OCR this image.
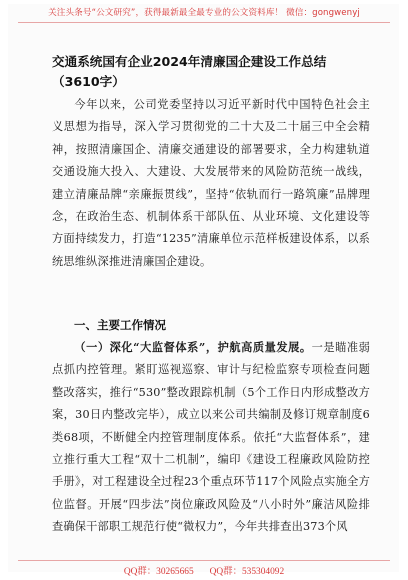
关注头条号“公文研究”，获得最新最全最专业的公文资料库！ 微信：gongwenyj
交通系统国有企业2024年清廉国企建设工作总结（3610字）

今年以来，公司党委坚持以习近平新时代中国特色社会主义思想为指导，深入学习贯彻党的二十大及二十届三中全会精神，按照清廉国企、清廉交通建设的部署要求，全力构建轨道交通设施大投入、大建设、大发展带来的风险防范统一战线，建立清廉品牌“亲廉振贯线”，坚持“依轨而行一路筑廉”品牌理念，在政治生态、机制体系干部队伍、从业环境、文化建设等方面持续发力，打造“1235”清廉单位示范样板建设体系，以系统思维纵深推进清廉国企建设。

一、主要工作情况

（一）深化“大监督体系”，护航高质量发展。一是瞄准弱点抓内控管理。紧盯巡视巡察、审计与纪检监察专项检查问题整改落实，推行“530”整改跟踪机制（5个工作日内形成整改方案，30日内整改完毕），成立以来公司共编制及修订规章制度6类68项，不断健全内控管理制度体系。依托“大监督体系”，建立推行重大工程“双十二机制”，编印《建设工程廉政风险防控手册》，对工程建设全过程23个重点环节117个风险点实施全方位监督。开展“四步法”岗位廉政风险及“八小时外”廉洁风险排查确保干部职工规范行使“微权力”，今年共排查出373个风

QQ群：30265665 QQ群：535304092
